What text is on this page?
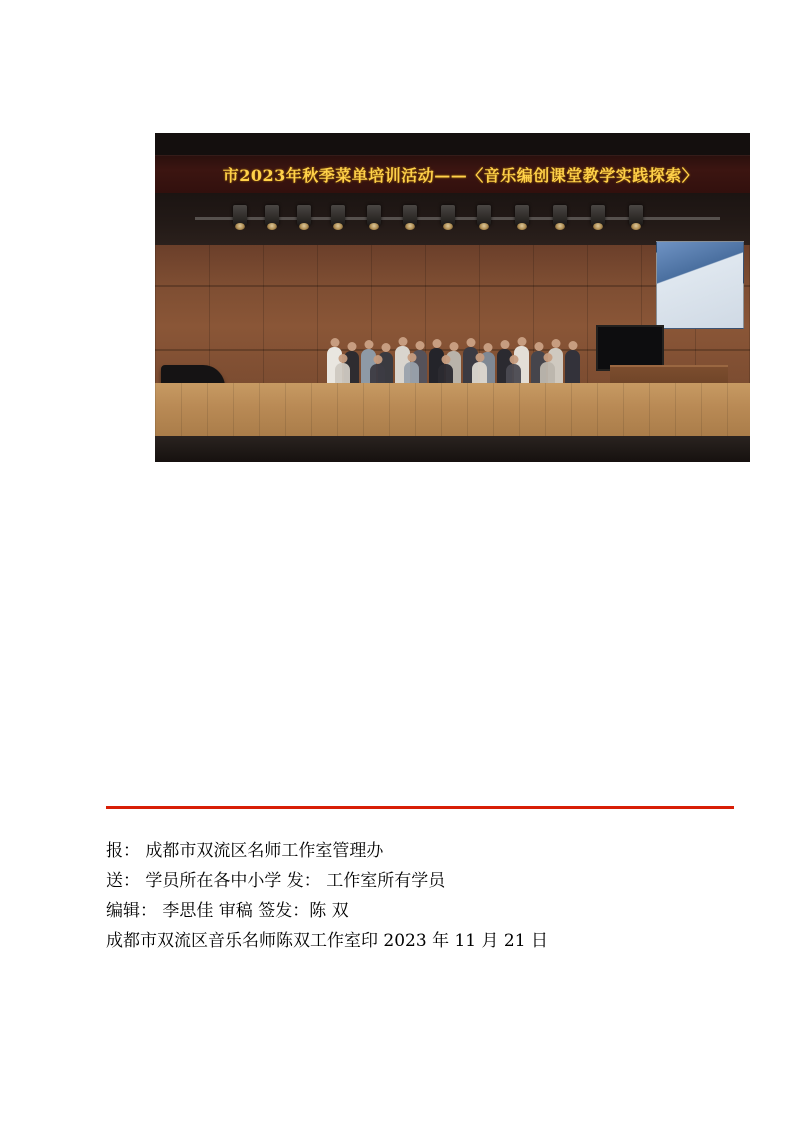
市2023年秋季菜单培训活动——〈音乐编创课堂教学实践探索〉
报： 成都市双流区名师工作室管理办
送： 学员所在各中小学 发： 工作室所有学员
编辑： 李思佳 审稿 签发：陈 双
成都市双流区音乐名师陈双工作室印 2023 年 11 月 21 日
